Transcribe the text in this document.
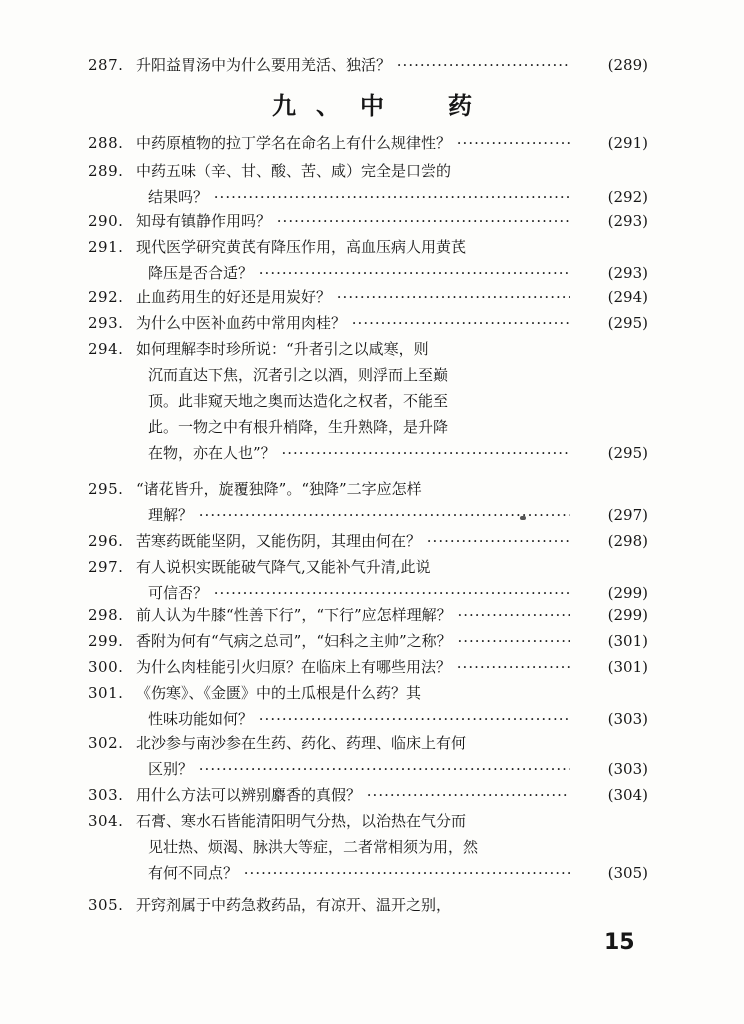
287. 升阳益胃汤中为什么要用羌活、独活？ ·····	(289)
288. 中药原植物的拉丁学名在命名上有什么规律性？ ·····	(291)
289. 中药五味（辛、甘、酸、苦、咸）完全是口尝的
结果吗？ ·····	(292)
290. 知母有镇静作用吗？ ·····	(293)
291. 现代医学研究黄芪有降压作用，高血压病人用黄芪
降压是否合适？ ·····	(293)
292. 止血药用生的好还是用炭好？ ·····	(294)
293. 为什么中医补血药中常用肉桂？ ·····	(295)
294. 如何理解李时珍所说：“升者引之以咸寒，则
沉而直达下焦，沉者引之以酒，则浮而上至巅
顶。此非窥天地之奥而达造化之权者，不能至
此。一物之中有根升梢降，生升熟降，是升降
在物，亦在人也”？ ·····	(295)
295. “诸花皆升，旋覆独降”。“独降”二字应怎样
理解？ ·····	(297)
296. 苦寒药既能坚阴，又能伤阴，其理由何在？ ·····	(298)
297. 有人说枳实既能破气降气,又能补气升清,此说
可信否？ ·····	(299)
298. 前人认为牛膝“性善下行”，“下行”应怎样理解？ ·····	(299)
299. 香附为何有“气病之总司”，“妇科之主帅”之称？ ·····	(301)
300. 为什么肉桂能引火归原？在临床上有哪些用法？ ·····	(301)
301. 《伤寒》、《金匮》中的土瓜根是什么药？其
性味功能如何？ ·····	(303)
302. 北沙参与南沙参在生药、药化、药理、临床上有何
区别？ ·····	(303)
303. 用什么方法可以辨别麝香的真假？ ·····	(304)
304. 石膏、寒水石皆能清阳明气分热，以治热在气分而
见壮热、烦渴、脉洪大等症，二者常相须为用，然
有何不同点？ ·····	(305)
305. 开窍剂属于中药急救药品，有凉开、温开之别，
九、中　药
15
